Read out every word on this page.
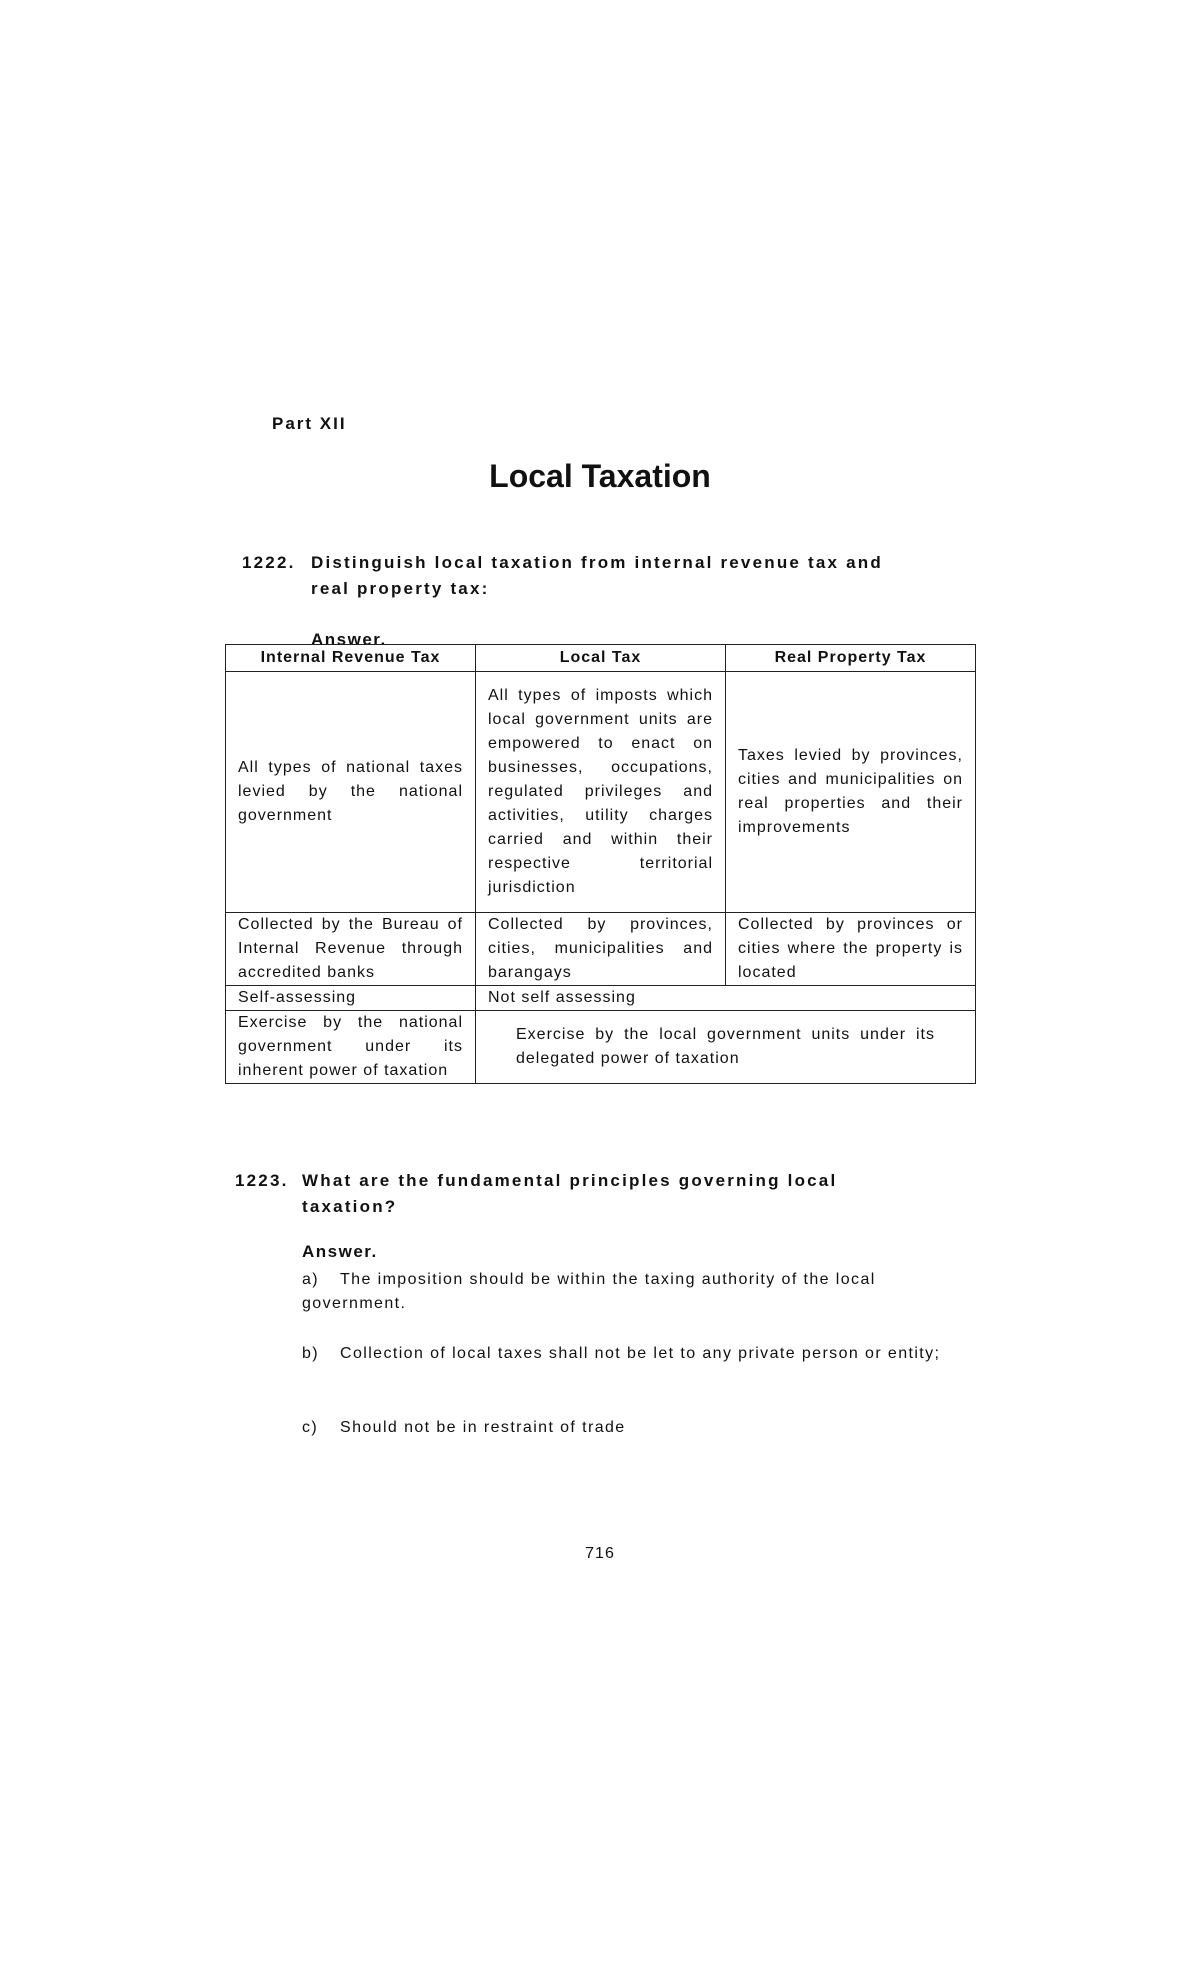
Part XII
Local Taxation
1222. Distinguish local taxation from internal revenue tax and
real property tax:
Answer.
Internal Revenue Tax	Local Tax	Real Property Tax
All types of national taxes levied by the national government	All types of imposts which local government units are empowered to enact on businesses, occupations, regulated privileges and activities, utility charges carried and within their respective territorial jurisdiction	Taxes levied by provinces, cities and municipalities on real properties and their improvements
Collected by the Bureau of Internal Revenue through accredited banks	Collected by provinces, cities, municipalities and barangays	Collected by provinces or cities where the property is located
Self-assessing	Not self assessing	
Exercise by the national government under its inherent power of taxation	Exercise by the local government units under its delegated power of taxation	
1223. What are the fundamental principles governing local
taxation?
Answer.
a) The imposition should be within the taxing authority of the local government.
b) Collection of local taxes shall not be let to any private person or entity;
c) Should not be in restraint of trade
716
